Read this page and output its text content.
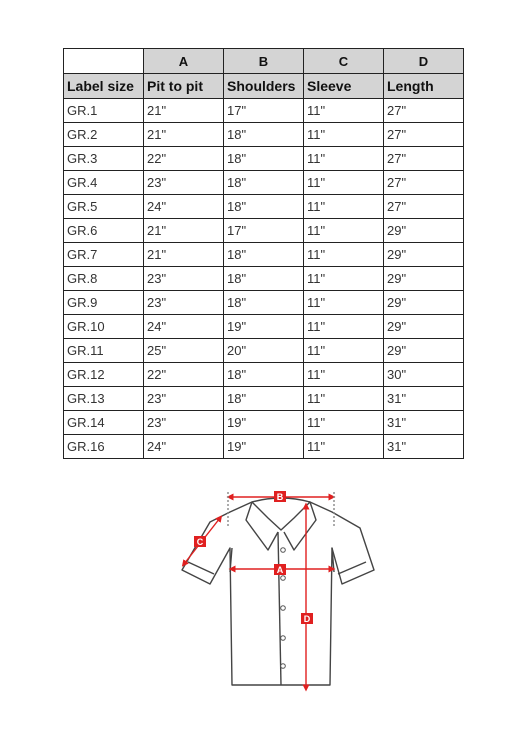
	A	B	C	D
Label size	Pit to pit	Shoulders	Sleeve	Length
GR.1	21"	17"	11"	27"
GR.2	21"	18"	11"	27"
GR.3	22"	18"	11"	27"
GR.4	23"	18"	11"	27"
GR.5	24"	18"	11"	27"
GR.6	21"	17"	11"	29"
GR.7	21"	18"	11"	29"
GR.8	23"	18"	11"	29"
GR.9	23"	18"	11"	29"
GR.10	24"	19"	11"	29"
GR.11	25"	20"	11"	29"
GR.12	22"	18"	11"	30"
GR.13	23"	18"	11"	31"
GR.14	23"	19"	11"	31"
GR.16	24"	19"	11"	31"
B
A
C
D
